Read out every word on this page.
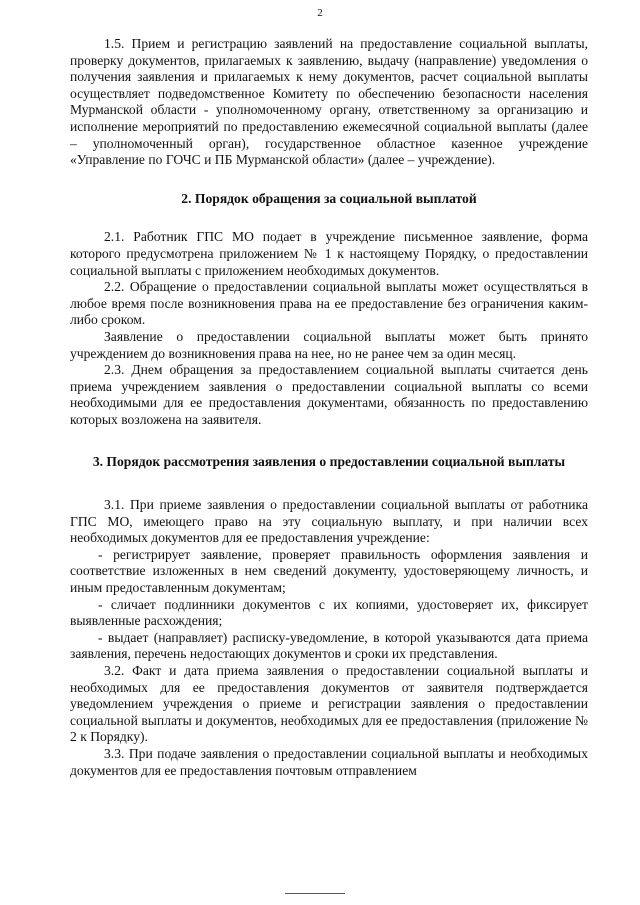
2

1.5. Прием и регистрацию заявлений на предоставление социальной выплаты, проверку документов, прилагаемых к заявлению, выдачу (направление) уведомления о получения заявления и прилагаемых к нему документов, расчет социальной выплаты осуществляет подведомственное Комитету по обеспечению безопасности населения Мурманской области - уполномоченному органу, ответственному за организацию и исполнение мероприятий по предоставлению ежемесячной социальной выплаты (далее – уполномоченный орган), государственное областное казенное учреждение «Управление по ГОЧС и ПБ Мурманской области» (далее – учреждение).

2. Порядок обращения за социальной выплатой

2.1. Работник ГПС МО подает в учреждение письменное заявление, форма которого предусмотрена приложением № 1 к настоящему Порядку, о предоставлении социальной выплаты с приложением необходимых документов.

2.2. Обращение о предоставлении социальной выплаты может осуществляться в любое время после возникновения права на ее предоставление без ограничения каким-либо сроком.

Заявление о предоставлении социальной выплаты может быть принято учреждением до возникновения права на нее, но не ранее чем за один месяц.

2.3. Днем обращения за предоставлением социальной выплаты считается день приема учреждением заявления о предоставлении социальной выплаты со всеми необходимыми для ее предоставления документами, обязанность по предоставлению которых возложена на заявителя.

3. Порядок рассмотрения заявления о предоставлении социальной выплаты

3.1. При приеме заявления о предоставлении социальной выплаты от работника ГПС МО, имеющего право на эту социальную выплату, и при наличии всех необходимых документов для ее предоставления учреждение:

- регистрирует заявление, проверяет правильность оформления заявления и соответствие изложенных в нем сведений документу, удостоверяющему личность, и иным предоставленным документам;

- сличает подлинники документов с их копиями, удостоверяет их, фиксирует выявленные расхождения;

- выдает (направляет) расписку-уведомление, в которой указываются дата приема заявления, перечень недостающих документов и сроки их представления.

3.2. Факт и дата приема заявления о предоставлении социальной выплаты и необходимых для ее предоставления документов от заявителя подтверждается уведомлением учреждения о приеме и регистрации заявления о предоставлении социальной выплаты и документов, необходимых для ее предоставления (приложение № 2 к Порядку).

3.3. При подаче заявления о предоставлении социальной выплаты и необходимых документов для ее предоставления почтовым отправлением
